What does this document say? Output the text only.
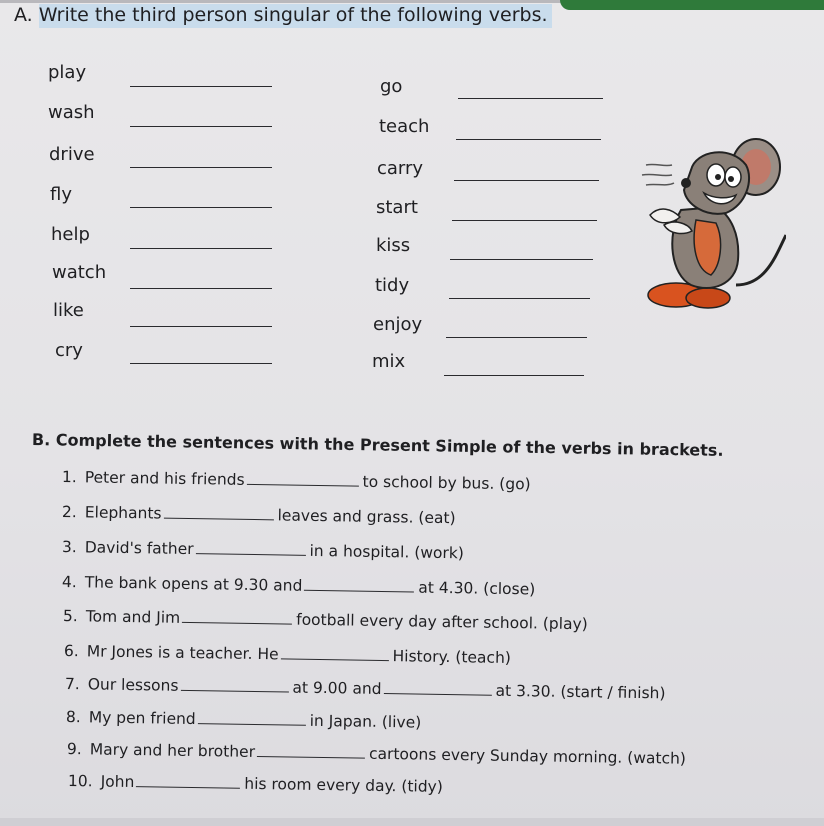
A. Write the third person singular of the following verbs.
play
wash
drive
fly
help
watch
like
cry
go
teach
carry
start
kiss
tidy
enjoy
mix
B. Complete the sentences with the Present Simple of the verbs in brackets.
1. Peter and his friends	to school by bus. (go)
2. Elephants	leaves and grass. (eat)
3. David's father	in a hospital. (work)
4. The bank opens at 9.30 and	at 4.30. (close)
5. Tom and Jim	football every day after school. (play)
6. Mr Jones is a teacher. He	History. (teach)
7. Our lessons	at 9.00 and	at 3.30. (start / finish)
8. My pen friend	in Japan. (live)
9. Mary and her brother	cartoons every Sunday morning. (watch)
10. John	his room every day. (tidy)
